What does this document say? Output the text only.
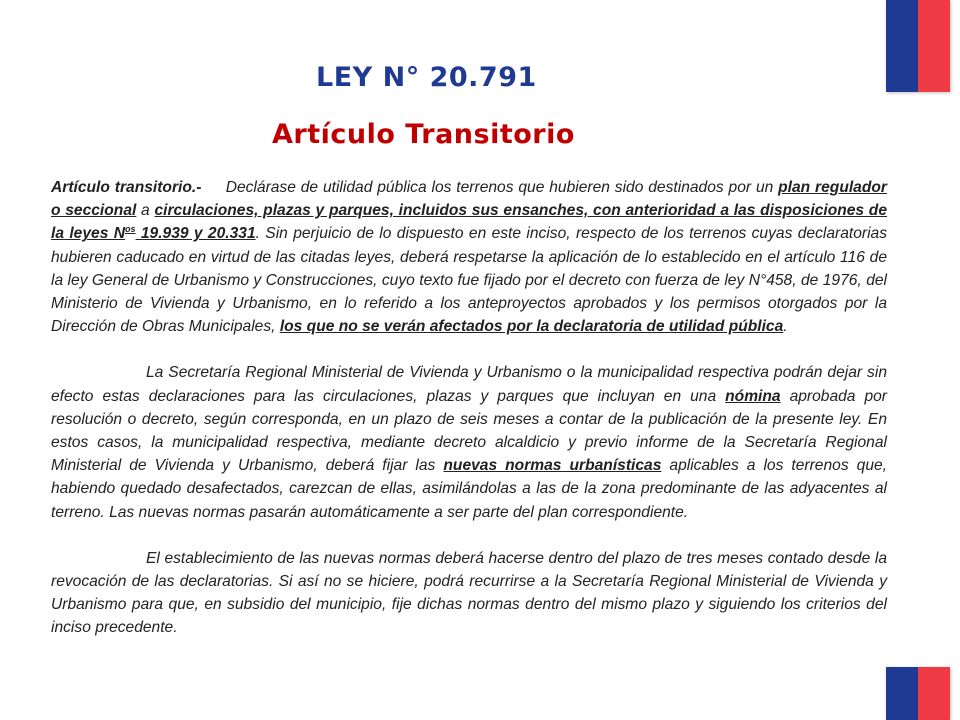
LEY N° 20.791
Artículo Transitorio

Artículo transitorio.- Declárase de utilidad pública los terrenos que hubieren sido destinados por un plan regulador o seccional a circulaciones, plazas y parques, incluidos sus ensanches, con anterioridad a las disposiciones de la leyes $N^{os}$ 19.939 y 20.331. Sin perjuicio de lo dispuesto en este inciso, respecto de los terrenos cuyas declaratorias hubieren caducado en virtud de las citadas leyes, deberá respetarse la aplicación de lo establecido en el artículo 116 de la ley General de Urbanismo y Construcciones, cuyo texto fue fijado por el decreto con fuerza de ley N°458, de 1976, del Ministerio de Vivienda y Urbanismo, en lo referido a los anteproyectos aprobados y los permisos otorgados por la Dirección de Obras Municipales, los que no se verán afectados por la declaratoria de utilidad pública.

La Secretaría Regional Ministerial de Vivienda y Urbanismo o la municipalidad respectiva podrán dejar sin efecto estas declaraciones para las circulaciones, plazas y parques que incluyan en una nómina aprobada por resolución o decreto, según corresponda, en un plazo de seis meses a contar de la publicación de la presente ley. En estos casos, la municipalidad respectiva, mediante decreto alcaldicio y previo informe de la Secretaría Regional Ministerial de Vivienda y Urbanismo, deberá fijar las nuevas normas urbanísticas aplicables a los terrenos que, habiendo quedado desafectados, carezcan de ellas, asimilándolas a las de la zona predominante de las adyacentes al terreno. Las nuevas normas pasarán automáticamente a ser parte del plan correspondiente.

El establecimiento de las nuevas normas deberá hacerse dentro del plazo de tres meses contado desde la revocación de las declaratorias. Si así no se hiciere, podrá recurrirse a la Secretaría Regional Ministerial de Vivienda y Urbanismo para que, en subsidio del municipio, fije dichas normas dentro del mismo plazo y siguiendo los criterios del inciso precedente.
